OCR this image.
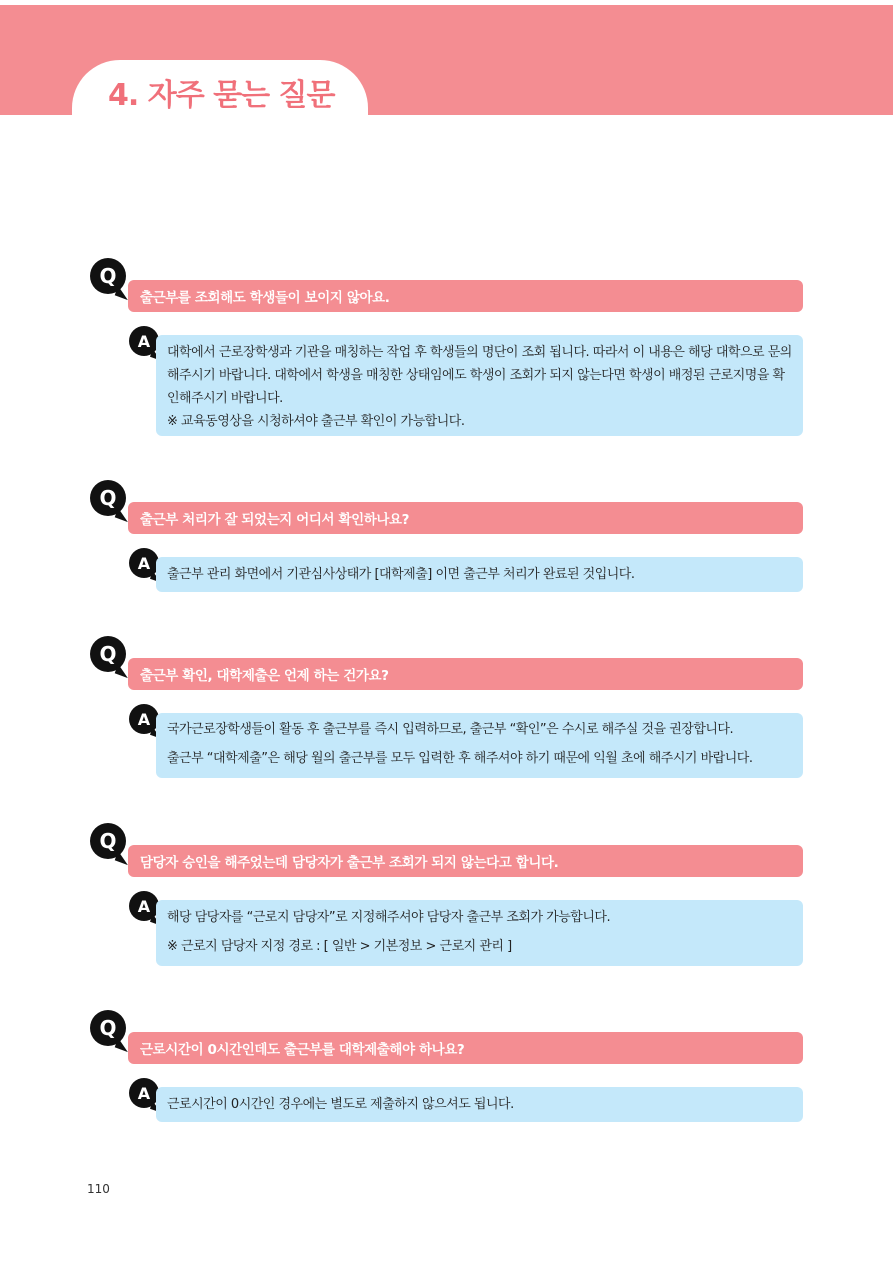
4. 자주 묻는 질문
Q
출근부를 조회해도 학생들이 보이지 않아요.
A

대학에서 근로장학생과 기관을 매칭하는 작업 후 학생들의 명단이 조회 됩니다. 따라서 이 내용은 해당 대학으로 문의해주시기 바랍니다. 대학에서 학생을 매칭한 상태임에도 학생이 조회가 되지 않는다면 학생이 배정된 근로지명을 확인해주시기 바랍니다.

※ 교육동영상을 시청하셔야 출근부 확인이 가능합니다.

Q
출근부 처리가 잘 되었는지 어디서 확인하나요?
A

출근부 관리 화면에서 기관심사상태가 [대학제출] 이면 출근부 처리가 완료된 것입니다.

Q
출근부 확인, 대학제출은 언제 하는 건가요?
A

국가근로장학생들이 활동 후 출근부를 즉시 입력하므로, 출근부 “확인”은 수시로 해주실 것을 권장합니다.

출근부 “대학제출”은 해당 월의 출근부를 모두 입력한 후 해주셔야 하기 때문에 익월 초에 해주시기 바랍니다.

Q
담당자 승인을 해주었는데 담당자가 출근부 조회가 되지 않는다고 합니다.
A

해당 담당자를 “근로지 담당자”로 지정해주셔야 담당자 출근부 조회가 가능합니다.

※ 근로지 담당자 지정 경로 : [ 일반 > 기본정보 > 근로지 관리 ]

Q
근로시간이 0시간인데도 출근부를 대학제출해야 하나요?
A

근로시간이 0시간인 경우에는 별도로 제출하지 않으셔도 됩니다.

110
